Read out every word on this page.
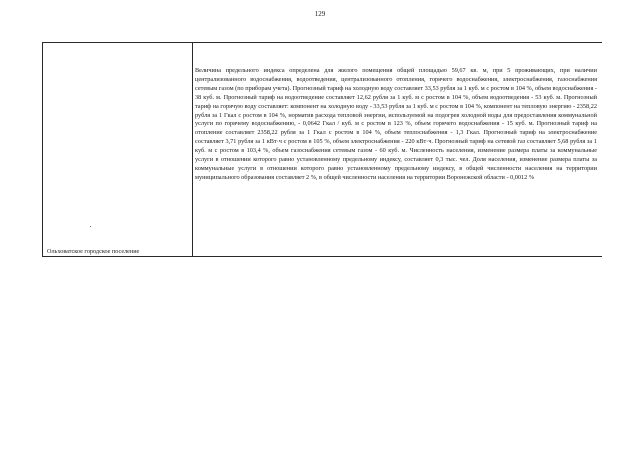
129
Ольховатское городское поселение
Величина предельного индекса определена для жилого помещения общей площадью 59,67 кв. м, при 5 проживающих, при наличии централизованного водоснабжения, водоотведения, централизованного отопления, горячего водоснабжения, электроснабжения, газоснабжения сетевым газом (по приборам учета). Прогнозный тариф на холодную воду составляет 33,53 рубля за 1 куб. м с ростом в 104 %, объем водоснабжения - 38 куб. м. Прогнозный тариф на водоотведение составляет 12,62 рубля за 1 куб. м с ростом в 104 %, объем водоотведения - 53 куб. м. Прогнозный тариф на горячую воду составляет: компонент на холодную воду - 33,53 рубля за 1 куб. м с ростом в 104 %, компонент на тепловую энергию - 2358,22 рубля за 1 Гкал с ростом в 104 %, норматив расхода тепловой энергии, используемой на подогрев холодной воды для предоставления коммунальной услуги по горячему водоснабжению, - 0,0642 Гкал / куб. м с ростом в 123 %, объем горячего водоснабжения - 15 куб. м. Прогнозный тариф на отопление составляет 2358,22 рубля за 1 Гкал с ростом в 104 %, объем теплоснабжения - 1,3 Гкал. Прогнозный тариф на электроснабжение составляет 3,71 рубля за 1 кВт·ч с ростом в 105 %, объем электроснабжения - 220 кВт·ч. Прогнозный тариф на сетевой газ составляет 5,68 рубля за 1 куб. м с ростом в 103,4 %, объем газоснабжения сетевым газом - 60 куб. м. Численность населения, изменение размера платы за коммунальные услуги в отношении которого равно установленному предельному индексу, составляет 0,3 тыс. чел. Доля населения, изменение размера платы за коммунальные услуги в отношении которого равно установленному предельному индексу, в общей численности населения на территории муниципального образования составляет 2 %, в общей численности населения на территории Воронежской области - 0,0012 %
